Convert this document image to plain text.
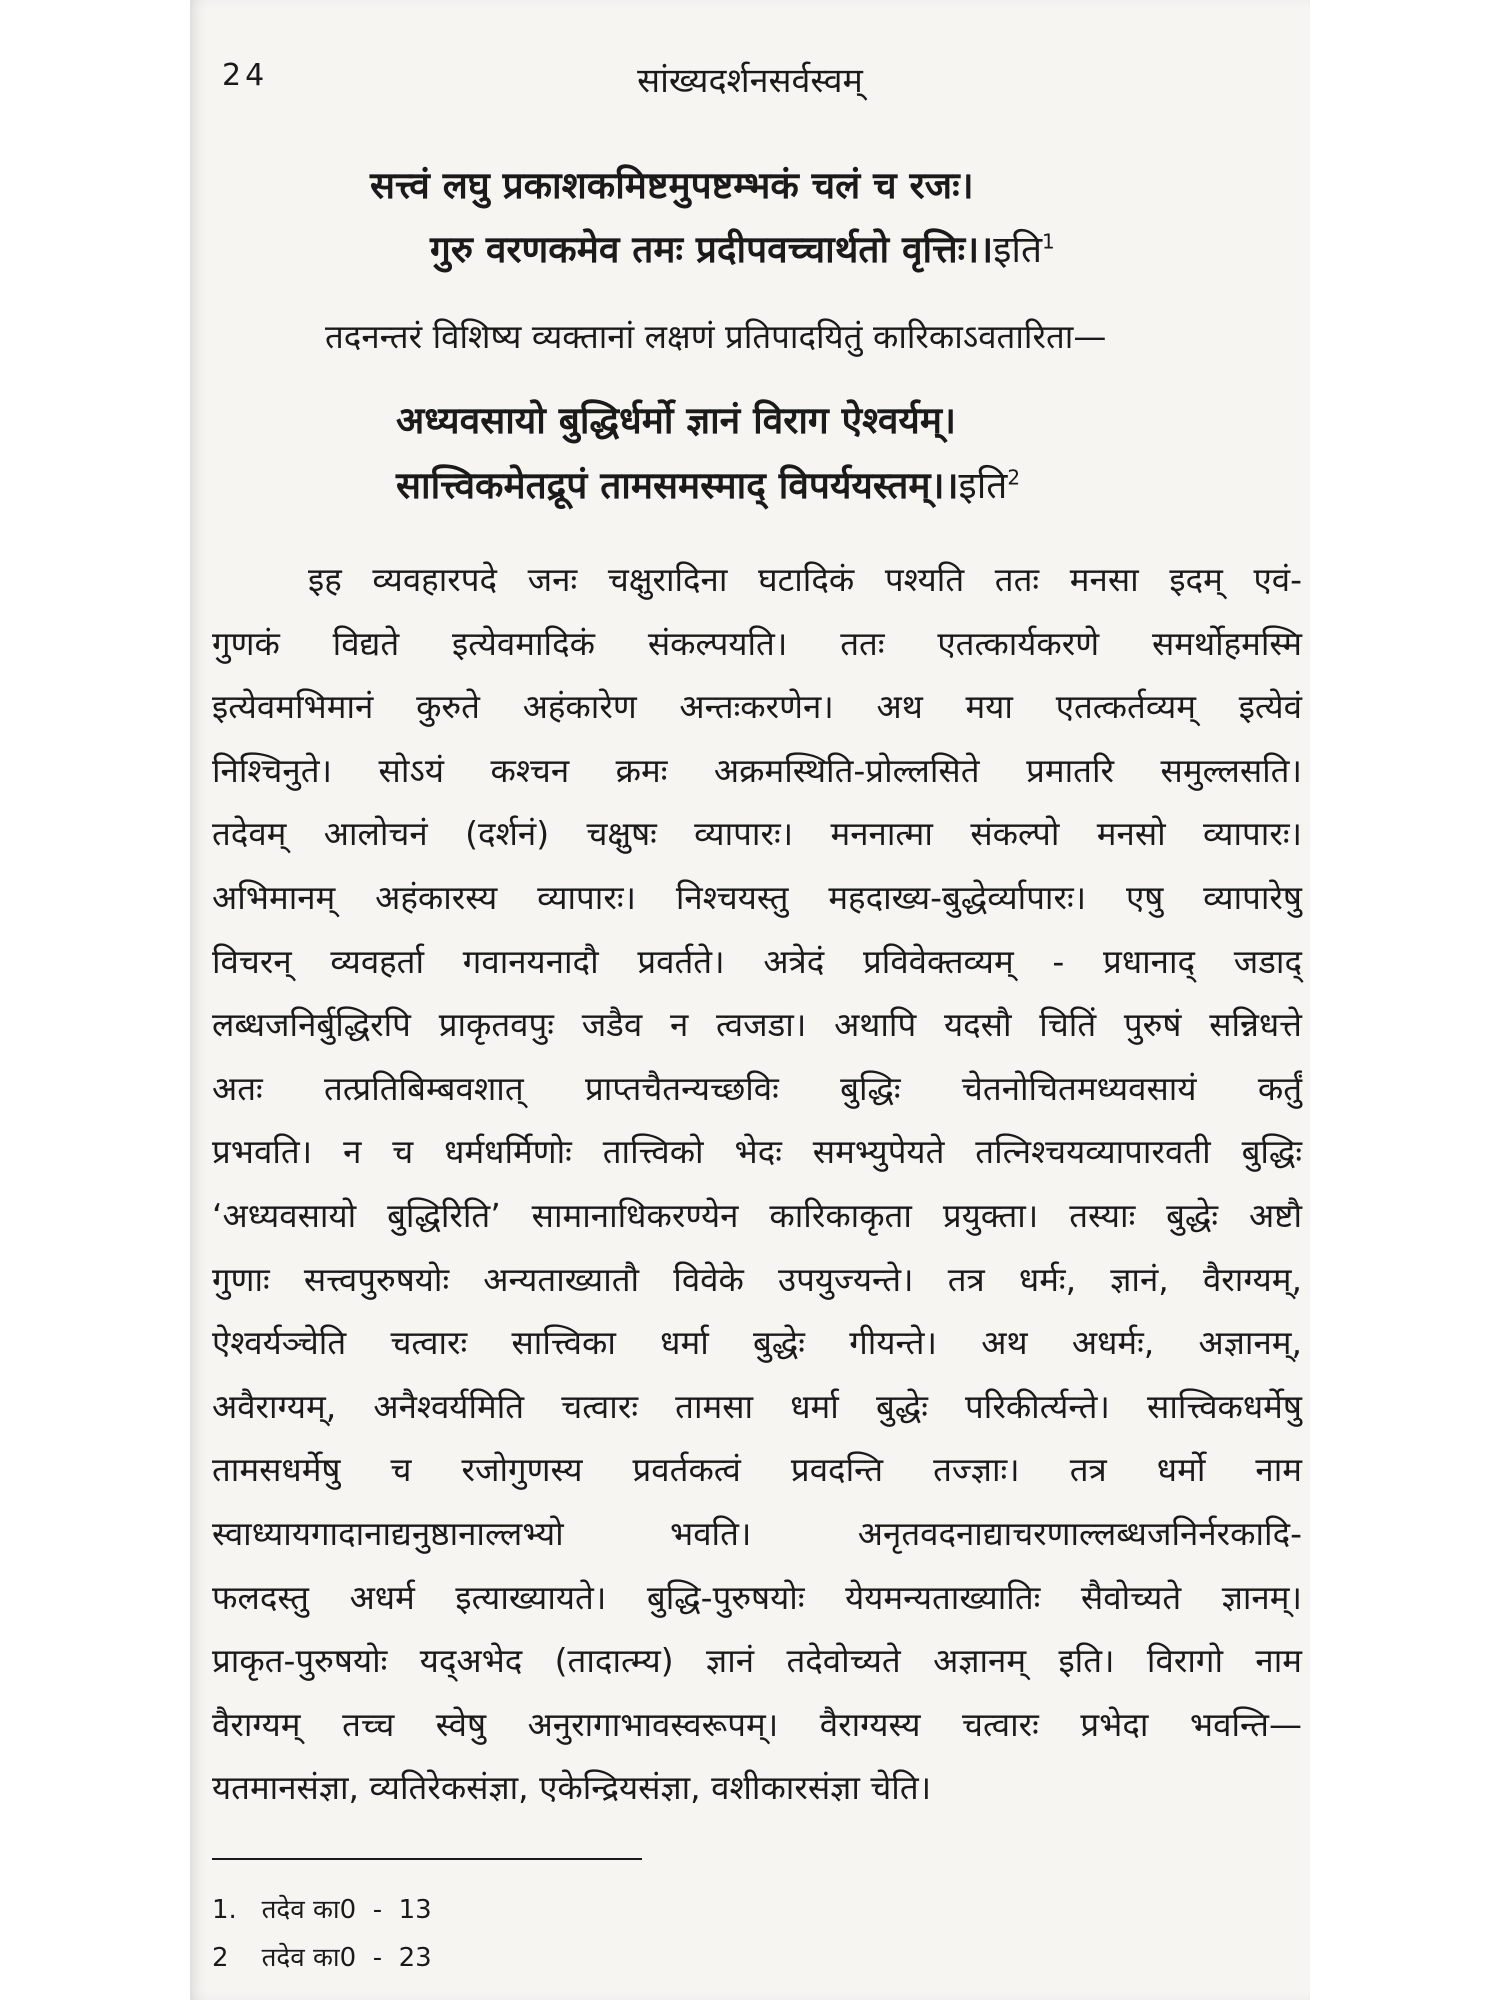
24	सांख्यदर्शनसर्वस्वम्
सत्त्वं लघु प्रकाशकमिष्टमुपष्टम्भकं चलं च रजः।
गुरु वरणकमेव तमः प्रदीपवच्चार्थतो वृत्तिः।।इति$^1$
तदनन्तरं विशिष्य व्यक्तानां लक्षणं प्रतिपादयितुं कारिकाऽवतारिता—
अध्यवसायो बुद्धिर्धर्मो ज्ञानं विराग ऐश्वर्यम्।
सात्त्विकमेतद्रूपं तामसमस्माद् विपर्ययस्तम्।।इति$^2$
इह व्यवहारपदे जनः चक्षुरादिना घटादिकं पश्यति ततः मनसा इदम् एवं-
गुणकं विद्यते इत्येवमादिकं संकल्पयति। ततः एतत्कार्यकरणे समर्थोहमस्मि
इत्येवमभिमानं कुरुते अहंकारेण अन्तःकरणेन। अथ मया एतत्कर्तव्यम् इत्येवं
निश्चिनुते। सोऽयं कश्चन क्रमः अक्रमस्थिति-प्रोल्लसिते प्रमातरि समुल्लसति।
तदेवम् आलोचनं (दर्शनं) चक्षुषः व्यापारः। मननात्मा संकल्पो मनसो व्यापारः।
अभिमानम् अहंकारस्य व्यापारः। निश्चयस्तु महदाख्य-बुद्धेर्व्यापारः। एषु व्यापारेषु
विचरन् व्यवहर्ता गवानयनादौ प्रवर्तते। अत्रेदं प्रविवेक्तव्यम् - प्रधानाद् जडाद्
लब्धजनिर्बुद्धिरपि प्राकृतवपुः जडैव न त्वजडा। अथापि यदसौ चितिं पुरुषं सन्निधत्ते
अतः तत्प्रतिबिम्बवशात् प्राप्तचैतन्यच्छविः बुद्धिः चेतनोचितमध्यवसायं कर्तुं
प्रभवति। न च धर्मधर्मिणोः तात्त्विको भेदः समभ्युपेयते तत्निश्चयव्यापारवती बुद्धिः
‘अध्यवसायो बुद्धिरिति’ सामानाधिकरण्येन कारिकाकृता प्रयुक्ता। तस्याः बुद्धेः अष्टौ
गुणाः सत्त्वपुरुषयोः अन्यताख्यातौ विवेके उपयुज्यन्ते। तत्र धर्मः, ज्ञानं, वैराग्यम्,
ऐश्वर्यञ्चेति चत्वारः सात्त्विका धर्मा बुद्धेः गीयन्ते। अथ अधर्मः, अज्ञानम्,
अवैराग्यम्, अनैश्वर्यमिति चत्वारः तामसा धर्मा बुद्धेः परिकीर्त्यन्ते। सात्त्विकधर्मेषु
तामसधर्मेषु च रजोगुणस्य प्रवर्तकत्वं प्रवदन्ति तज्ज्ञाः। तत्र धर्मो नाम
स्वाध्यायगादानाद्यनुष्ठानाल्लभ्यो भवति। अनृतवदनाद्याचरणाल्लब्धजनिर्नरकादि-
फलदस्तु अधर्म इत्याख्यायते। बुद्धि-पुरुषयोः येयमन्यताख्यातिः सैवोच्यते ज्ञानम्।
प्राकृत-पुरुषयोः यद्अभेद (तादात्म्य) ज्ञानं तदेवोच्यते अज्ञानम् इति। विरागो नाम
वैराग्यम् तच्च स्वेषु अनुरागाभावस्वरूपम्। वैराग्यस्य चत्वारः प्रभेदा भवन्ति—
यतमानसंज्ञा, व्यतिरेकसंज्ञा, एकेन्द्रियसंज्ञा, वशीकारसंज्ञा चेति।
1.   तदेव का0  -  13
2    तदेव का0  -  23
